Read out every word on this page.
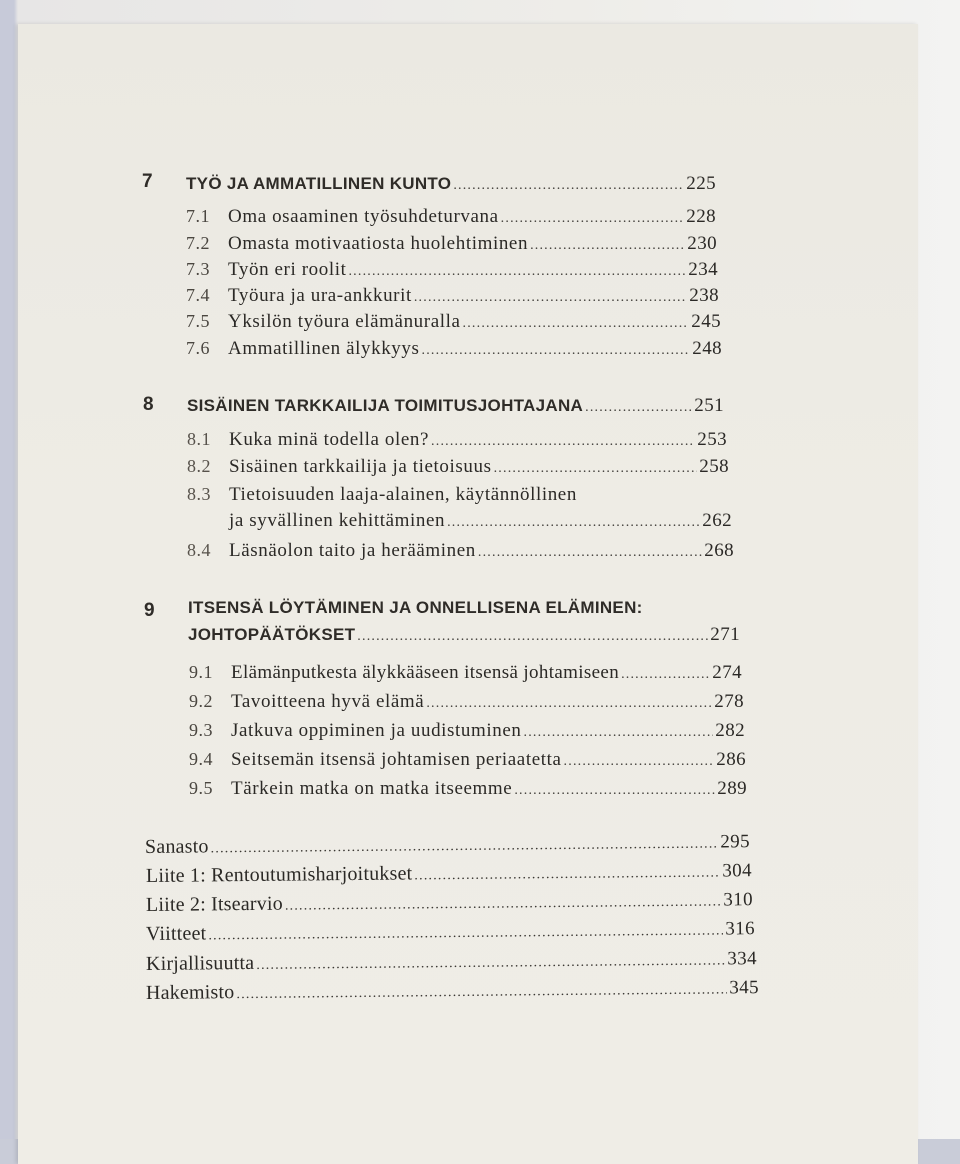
7 TYÖ JA AMMATILLINEN KUNTO .....	225
7.1 Oma osaaminen työsuhdeturvana .....	228
7.2 Omasta motivaatiosta huolehtiminen .....	230
7.3 Työn eri roolit .....	234
7.4 Työura ja ura-ankkurit .....	238
7.5 Yksilön työura elämänuralla .....	245
7.6 Ammatillinen älykkyys .....	248
8 SISÄINEN TARKKAILIJA TOIMITUSJOHTAJANA .....	251
8.1 Kuka minä todella olen? .....	253
8.2 Sisäinen tarkkailija ja tietoisuus .....	258
8.3 Tietoisuuden laaja-alainen, käytännöllinen
ja syvällinen kehittäminen .....	262
8.4 Läsnäolon taito ja herääminen .....	268
9 ITSENSÄ LÖYTÄMINEN JA ONNELLISENA ELÄMINEN:
JOHTOPÄÄTÖKSET .....	271
9.1 Elämänputkesta älykkääseen itsensä johtamiseen .....	274
9.2 Tavoitteena hyvä elämä .....	278
9.3 Jatkuva oppiminen ja uudistuminen .....	282
9.4 Seitsemän itsensä johtamisen periaatetta .....	286
9.5 Tärkein matka on matka itseemme .....	289
Sanasto .....	295
Liite 1: Rentoutumisharjoitukset .....	304
Liite 2: Itsearvio .....	310
Viitteet .....	316
Kirjallisuutta .....	334
Hakemisto .....	345
